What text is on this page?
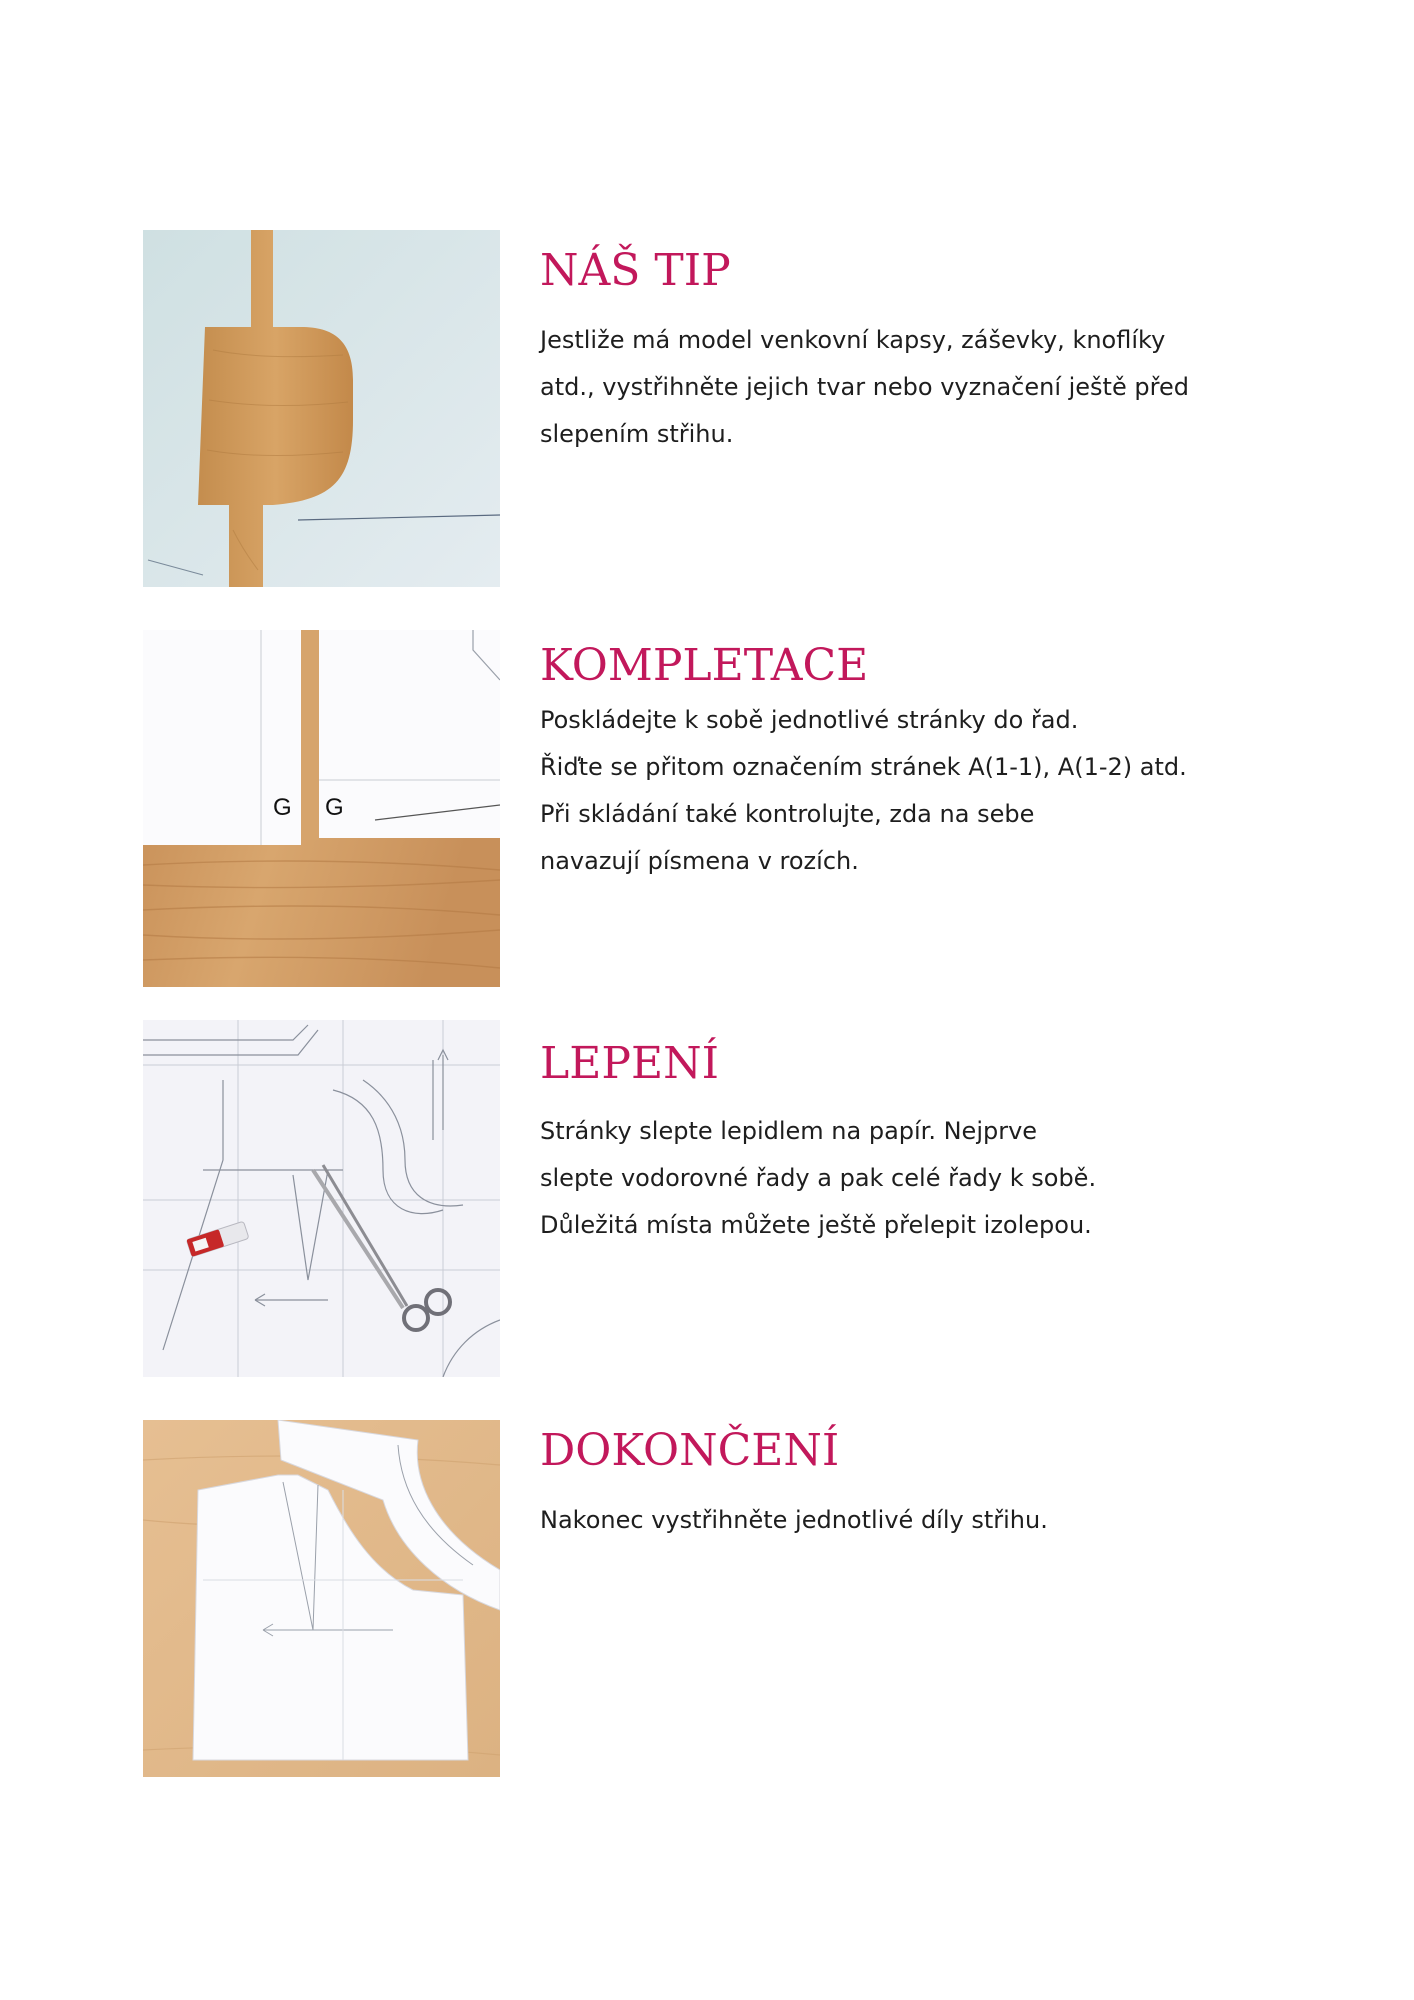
NÁŠ TIP
Jestliže má model venkovní kapsy, záševky, knoflíky
atd., vystřihněte jejich tvar nebo vyznačení ještě před
slepením střihu.
G G
KOMPLETACE
Poskládejte k sobě jednotlivé stránky do řad.
Řiďte se přitom označením stránek A(1-1), A(1-2) atd.
Při skládání také kontrolujte, zda na sebe
navazují písmena v rozích.
LEPENÍ
Stránky slepte lepidlem na papír. Nejprve
slepte vodorovné řady a pak celé řady k sobě.
Důležitá místa můžete ještě přelepit izolepou.
DOKONČENÍ
Nakonec vystřihněte jednotlivé díly střihu.
